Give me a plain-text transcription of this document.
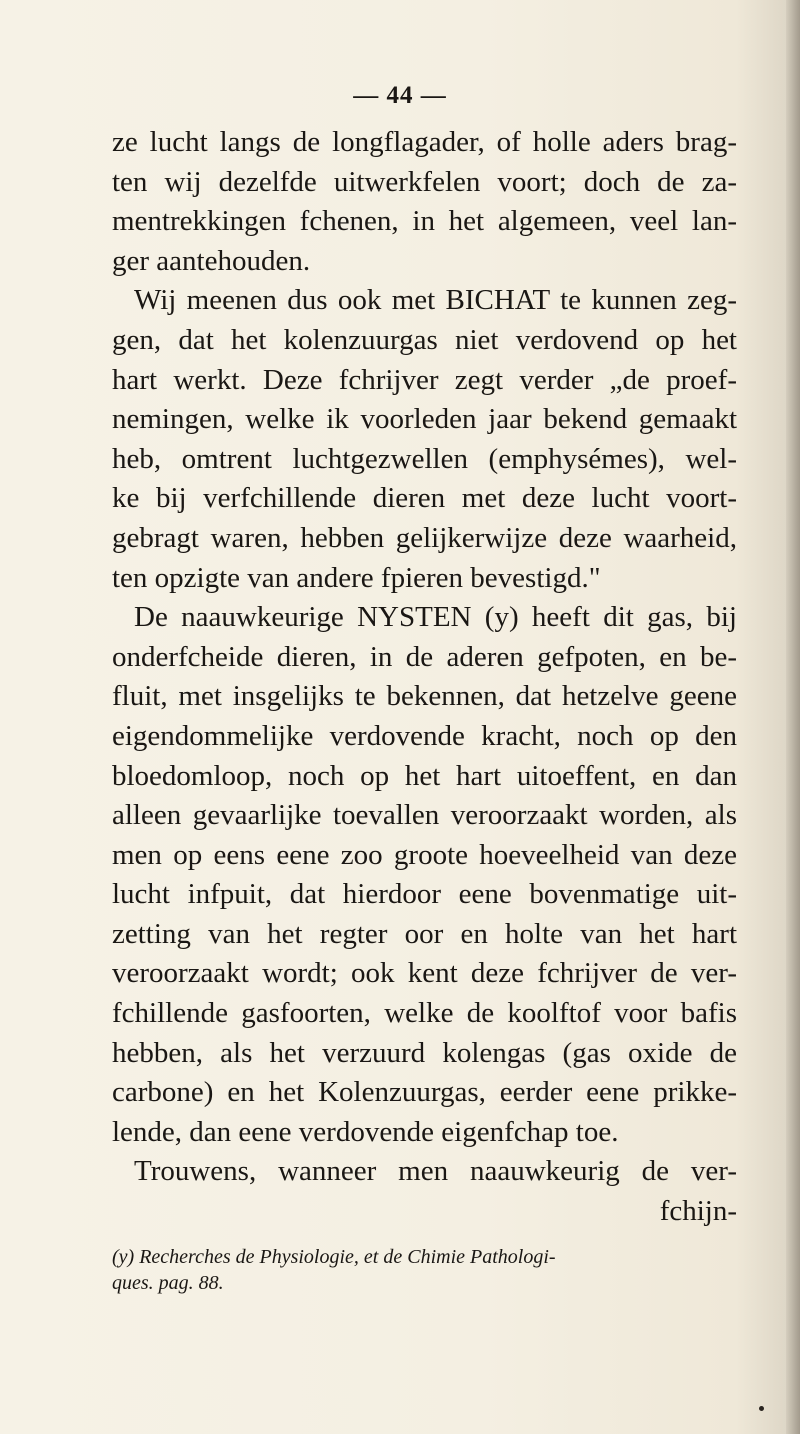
— 44 —
ze lucht langs de longflagader, of holle aders brag-
ten wij dezelfde uitwerkfelen voort; doch de za-
mentrekkingen fchenen, in het algemeen, veel lan-
ger aantehouden.
Wij meenen dus ook met BICHAT te kunnen zeg-
gen, dat het kolenzuurgas niet verdovend op het
hart werkt. Deze fchrijver zegt verder „de proef-
nemingen, welke ik voorleden jaar bekend gemaakt
heb, omtrent luchtgezwellen (emphysémes), wel-
ke bij verfchillende dieren met deze lucht voort-
gebragt waren, hebben gelijkerwijze deze waarheid,
ten opzigte van andere fpieren bevestigd."
De naauwkeurige NYSTEN (y) heeft dit gas, bij
onderfcheide dieren, in de aderen gefpoten, en be-
fluit, met insgelijks te bekennen, dat hetzelve geene
eigendommelijke verdovende kracht, noch op den
bloedomloop, noch op het hart uitoeffent, en dan
alleen gevaarlijke toevallen veroorzaakt worden, als
men op eens eene zoo groote hoeveelheid van deze
lucht infpuit, dat hierdoor eene bovenmatige uit-
zetting van het regter oor en holte van het hart
veroorzaakt wordt; ook kent deze fchrijver de ver-
fchillende gasfoorten, welke de koolftof voor bafis
hebben, als het verzuurd kolengas (gas oxide de
carbone) en het Kolenzuurgas, eerder eene prikke-
lende, dan eene verdovende eigenfchap toe.
Trouwens, wanneer men naauwkeurig de ver-
fchijn-
(y) Recherches de Physiologie, et de Chimie Pathologi-
ques. pag. 88.
